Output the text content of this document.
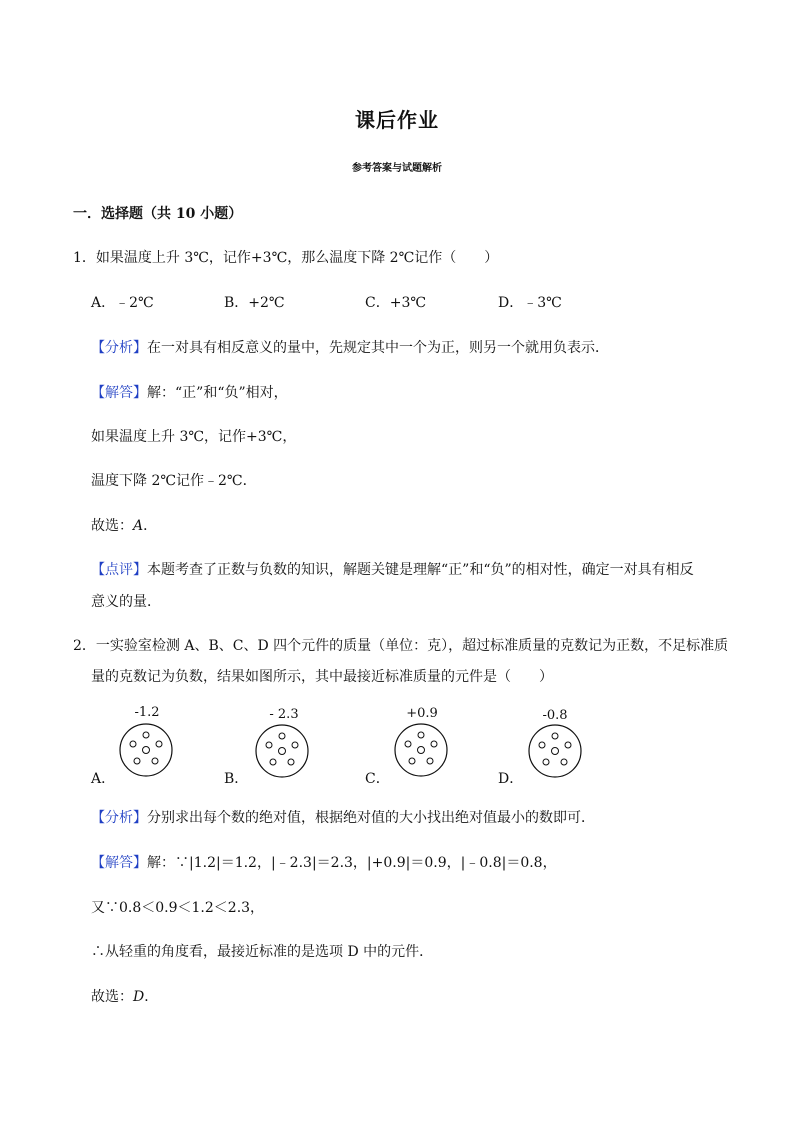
课后作业
参考答案与试题解析
一．选择题（共 10 小题）
1．如果温度上升 3℃，记作+3℃，那么温度下降 2℃记作（　　）
A．﹣2℃	B．+2℃	C．+3℃	D．﹣3℃
【分析】在一对具有相反意义的量中，先规定其中一个为正，则另一个就用负表示．
【解答】解：“正”和“负”相对，
如果温度上升 3℃，记作+3℃，
温度下降 2℃记作﹣2℃．
故选：A．
【点评】本题考查了正数与负数的知识，解题关键是理解“正”和“负”的相对性，确定一对具有相反
意义的量．
2．一实验室检测 A、B、C、D 四个元件的质量（单位：克），超过标准质量的克数记为正数，不足标准质
量的克数记为负数，结果如图所示，其中最接近标准质量的元件是（　　）
-1.2
A．
- 2.3
B．
+0.9
C．
-0.8
D．
【分析】分别求出每个数的绝对值，根据绝对值的大小找出绝对值最小的数即可．
【解答】解：∵|1.2|＝1.2，|﹣2.3|＝2.3，|+0.9|＝0.9，|﹣0.8|＝0.8，
又∵0.8＜0.9＜1.2＜2.3，
∴从轻重的角度看，最接近标准的是选项 D 中的元件．
故选：D．
